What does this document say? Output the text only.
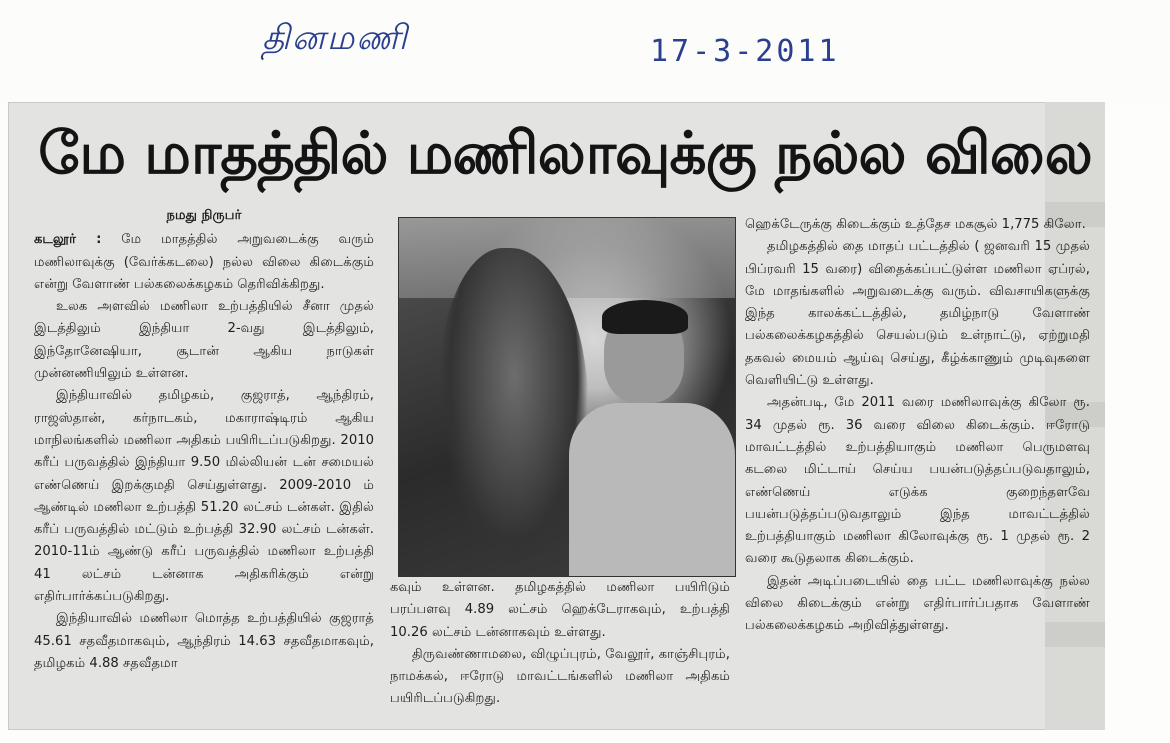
தினமணி	17-3-2011
மே மாதத்தில் மணிலாவுக்கு நல்ல விலை

நமது நிருபர்

கடலூர் : மே மாதத்தில் அறுவடைக்கு வரும் மணிலாவுக்கு (வேர்க்கடலை) நல்ல விலை கிடைக்கும் என்று வேளாண் பல்கலைக்கழகம் தெரிவிக்கிறது.

உலக அளவில் மணிலா உற்பத்தியில் சீனா முதல் இடத்திலும் இந்தியா 2-வது இடத்திலும், இந்தோனேஷியா, சூடான் ஆகிய நாடுகள் முன்னணியிலும் உள்ளன.

இந்தியாவில் தமிழகம், குஜராத், ஆந்திரம், ராஜஸ்தான், கர்நாடகம், மகாராஷ்டிரம் ஆகிய மாநிலங்களில் மணிலா அதிகம் பயிரிடப்படுகிறது. 2010 கரீப் பருவத்தில் இந்தியா 9.50 மில்லியன் டன் சமையல் எண்ணெய் இறக்குமதி செய்துள்ளது. 2009-2010 ம் ஆண்டில் மணிலா உற்பத்தி 51.20 லட்சம் டன்கள். இதில் கரீப் பருவத்தில் மட்டும் உற்பத்தி 32.90 லட்சம் டன்கள். 2010-11ம் ஆண்டு கரீப் பருவத்தில் மணிலா உற்பத்தி 41 லட்சம் டன்னாக அதிகரிக்கும் என்று எதிர்பார்க்கப்படுகிறது.

இந்தியாவில் மணிலா மொத்த உற்பத்தியில் குஜராத் 45.61 சதவீதமாகவும், ஆந்திரம் 14.63 சதவீதமாகவும், தமிழகம் 4.88 சதவீதமா

கவும் உள்ளன. தமிழகத்தில் மணிலா பயிரிடும் பரப்பளவு 4.89 லட்சம் ஹெக்டேராகவும், உற்பத்தி 10.26 லட்சம் டன்னாகவும் உள்ளது.

திருவண்ணாமலை, விழுப்புரம், வேலூர், காஞ்சிபுரம், நாமக்கல், ஈரோடு மாவட்டங்களில் மணிலா அதிகம் பயிரிடப்படுகிறது.

ஹெக்டேருக்கு கிடைக்கும் உத்தேச மகசூல் 1,775 கிலோ.

தமிழகத்தில் தை மாதப் பட்டத்தில் ( ஜனவரி 15 முதல் பிப்ரவரி 15 வரை) விதைக்கப்பட்டுள்ள மணிலா ஏப்ரல், மே மாதங்களில் அறுவடைக்கு வரும். விவசாயிகளுக்கு இந்த காலக்கட்டத்தில், தமிழ்நாடு வேளாண் பல்கலைக்கழகத்தில் செயல்படும் உள்நாட்டு, ஏற்றுமதி தகவல் மையம் ஆய்வு செய்து, கீழ்க்காணும் முடிவுகளை வெளியிட்டு உள்ளது.

அதன்படி, மே 2011 வரை மணிலாவுக்கு கிலோ ரூ. 34 முதல் ரூ. 36 வரை விலை கிடைக்கும். ஈரோடு மாவட்டத்தில் உற்பத்தியாகும் மணிலா பெருமளவு கடலை மிட்டாய் செய்ய பயன்படுத்தப்படுவதாலும், எண்ணெய் எடுக்க குறைந்தளவே பயன்படுத்தப்படுவதாலும் இந்த மாவட்டத்தில் உற்பத்தியாகும் மணிலா கிலோவுக்கு ரூ. 1 முதல் ரூ. 2 வரை கூடுதலாக கிடைக்கும்.

இதன் அடிப்படையில் தை பட்ட மணிலாவுக்கு நல்ல விலை கிடைக்கும் என்று எதிர்பார்ப்பதாக வேளாண் பல்கலைக்கழகம் அறிவித்துள்ளது.
